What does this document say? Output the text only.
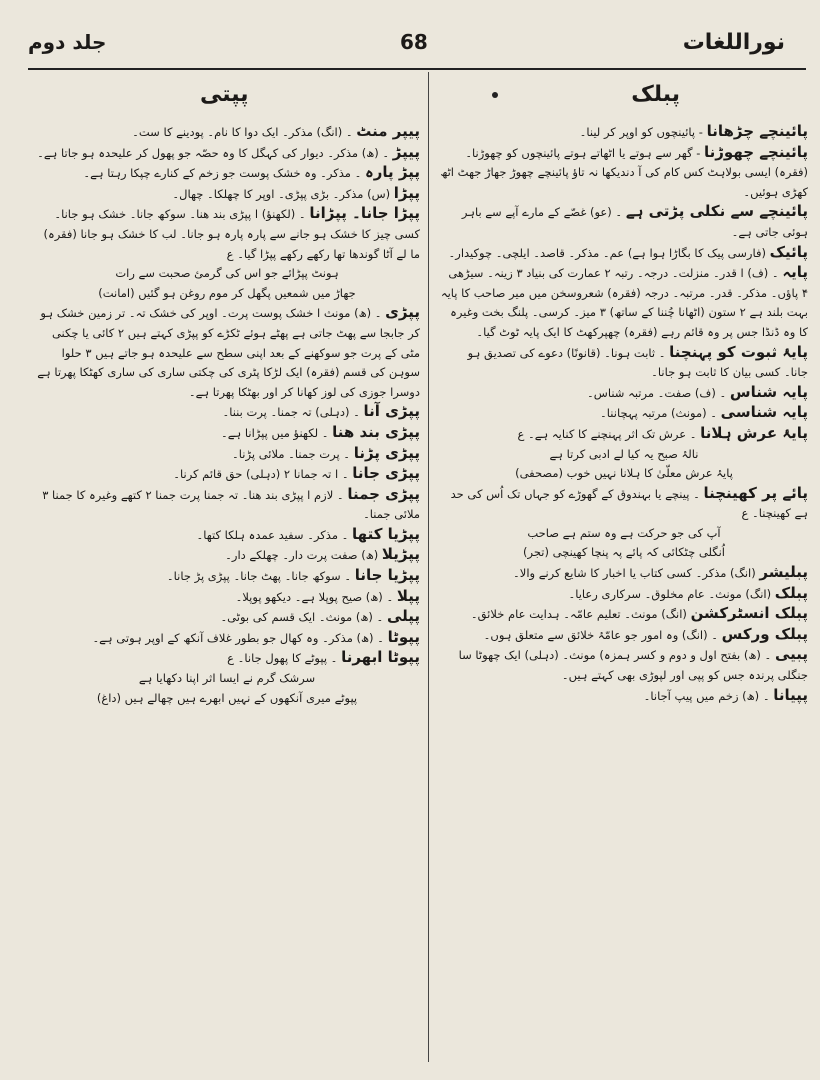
نوراللغات
68
جلد دوم
پبلک
پپتی
پائینچے چڑھانا - پائینچوں کو اوپر کر لینا۔
پائینچے چھوڑنا - گھر سے ہوتے یا اٹھاتے ہوتے پائینچوں کو چھوڑنا۔ (فقرہ) ایسی بولاہٹ کس کام کی آ دندیکھا نہ تاؤ پائینچے چھوڑ جھاڑ جھٹ اٹھ کھڑی ہوئیں۔
پائینچے سے نکلی پڑتی ہے ۔ (عو) غصّے کے مارے آپے سے باہر ہوئی جاتی ہے۔
پائیک (فارسی پیک کا بگاڑا ہوا ہے) عم۔ مذکر۔ قاصد۔ ایلچی۔ چوکیدار۔
پایہ ۔ (ف) ا قدر۔ منزلت۔ درجہ۔ رتبہ ۲ عمارت کی بنیاد ۳ زینہ۔ سیڑھی ۴ پاؤں۔ مذکر۔ قدر۔ مرتبہ۔ درجہ (فقرہ) شعروسخن میں میر صاحب کا پایہ بہت بلند ہے ۲ ستون (اٹھانا چُننا کے ساتھ) ۳ میز۔ کرسی۔ پلنگ بخت وغیرہ کا وہ ڈنڈا جس پر وہ قائم رہے (فقرہ) چھپرکھٹ کا ایک پایہ ٹوٹ گیا۔
پایۂ ثبوت کو پہنچنا ۔ ثابت ہونا۔ (قانونًا) دعوے کی تصدیق ہو جانا۔ کسی بیان کا ثابت ہو جانا۔
پایہ شناس ۔ (ف) صفت۔ مرتبہ شناس۔
پایہ شناسی ۔ (مونث) مرتبہ پہچاننا۔
پایۂ عرش ہلانا ۔ عرش تک اثر پہنچنے کا کنایہ ہے۔ ع
نالۂ صبح یہ کیا لے ادبی کرتا ہے
پایۂ عرش معلّیٰ کا ہلانا نہیں خوب (مصحفی)
پائے پر کھینچنا ۔ پینچے یا بہندوق کے گھوڑے کو جہاں تک اُس کی حد ہے کھینچنا۔ ع
آپ کی جو حرکت ہے وہ ستم ہے صاحب
اُنگلی چٹکائی کہ پائے پہ پنچا کھینچی (تجر)
پبلیشر (انگ) مذکر۔ کسی کتاب یا اخبار کا شایع کرنے والا۔
پبلک (انگ) مونث۔ عام مخلوق۔ سرکاری رعایا۔
پبلک انسٹرکشن (انگ) مونث۔ تعلیم عامّہ۔ ہدایت عام خلائق۔
پبلک ورکس ۔ (انگ) وہ امور جو عامّۂ خلائق سے متعلق ہوں۔
پبیی ۔ (ھ) بفتح اول و دوم و کسر ہمزہ) مونث۔ (دہلی) ایک چھوٹا سا جنگلی پرندہ جس کو پپی اور لپوڑی بھی کہتے ہیں۔
پپیانا ۔ (ھ) زخم میں پیپ آجانا۔
پیپر منٹ ۔ (انگ) مذکر۔ ایک دوا کا نام۔ پودینے کا ست۔
پیپڑ ۔ (ھ) مذکر۔ دیوار کی کہگل کا وہ حصّہ جو پھول کر علیحدہ ہو جاتا ہے۔
پپڑ پارہ ۔ مذکر۔ وہ خشک پوست جو زخم کے کنارے چپکا رہتا ہے۔
پپڑا (س) مذکر۔ بڑی پپڑی۔ اوپر کا چھلکا۔ چھال۔
پپڑا جانا۔ پپڑانا ۔ (لکھنؤ) ا پپڑی بند ھنا۔ سوکھ جانا۔ خشک ہو جانا۔ کسی چیز کا خشک ہو جانے سے پارہ پارہ ہو جانا۔ لب کا خشک ہو جانا (فقرہ) ما لے آٹا گوندھا تھا رکھے رکھے پپڑا گیا۔ ع
ہونٹ پپڑائے جو اس کی گرمئ صحبت سے رات
جھاڑ میں شمعیں پگھل کر موم روغن ہو گئیں (امانت)
پپڑی ۔ (ھ) مونث ا خشک پوست پرت۔ اوپر کی خشک تہ۔ تر زمین خشک ہو کر جابجا سے پھٹ جاتی ہے پھٹے ہوئے ٹکڑے کو پپڑی کہتے ہیں ۲ کائی یا چکنی مٹی کے پرت جو سوکھنے کے بعد اپنی سطح سے علیحدہ ہو جاتے ہیں ۳ حلوا سوہن کی قسم (فقرہ) ایک لڑکا پٹری کی چکتی ساری کی ساری کھٹکا پھرتا ہے دوسرا جوزی کی لوز کھانا کر اور بھٹکا پھرتا ہے۔
پپڑی آنا ۔ (دہلی) تہ جمنا۔ پرت بننا۔
پپڑی بند ھنا ۔ لکھنؤ میں پپڑانا ہے۔
پپڑی پڑنا ۔ پرت جمنا۔ ملائی پڑنا۔
پپڑی جانا ۔ ا تہ جمانا ۲ (دہلی) حق قائم کرنا۔
پپڑی جمنا ۔ لازم ا پپڑی بند ھنا۔ تہ جمنا پرت جمنا ۲ کتھے وغیرہ کا جمنا ۳ ملائی جمنا۔
پپڑیا کتھا ۔ مذکر۔ سفید عمدہ ہلکا کتھا۔
پپڑیلا (ھ) صفت پرت دار۔ چھلکے دار۔
پپڑیا جانا ۔ سوکھ جانا۔ پھٹ جانا۔ پپڑی پڑ جانا۔
پپلا ۔ (ھ) صیح پوپلا ہے۔ دیکھو پوپلا۔
پپلی ۔ (ھ) مونث۔ ایک قسم کی بوٹی۔
پپوٹا ۔ (ھ) مذکر۔ وہ کھال جو بطور غلاف آنکھ کے اوپر ہوتی ہے۔
پپوٹا ابھرنا ۔ پپوٹے کا پھول جانا۔ ع
سرشک گرم نے ایسا اثر اپنا دکھایا ہے
پپوٹے میری آنکھوں کے نہیں ابھرے ہیں چھالے ہیں (داغ)
